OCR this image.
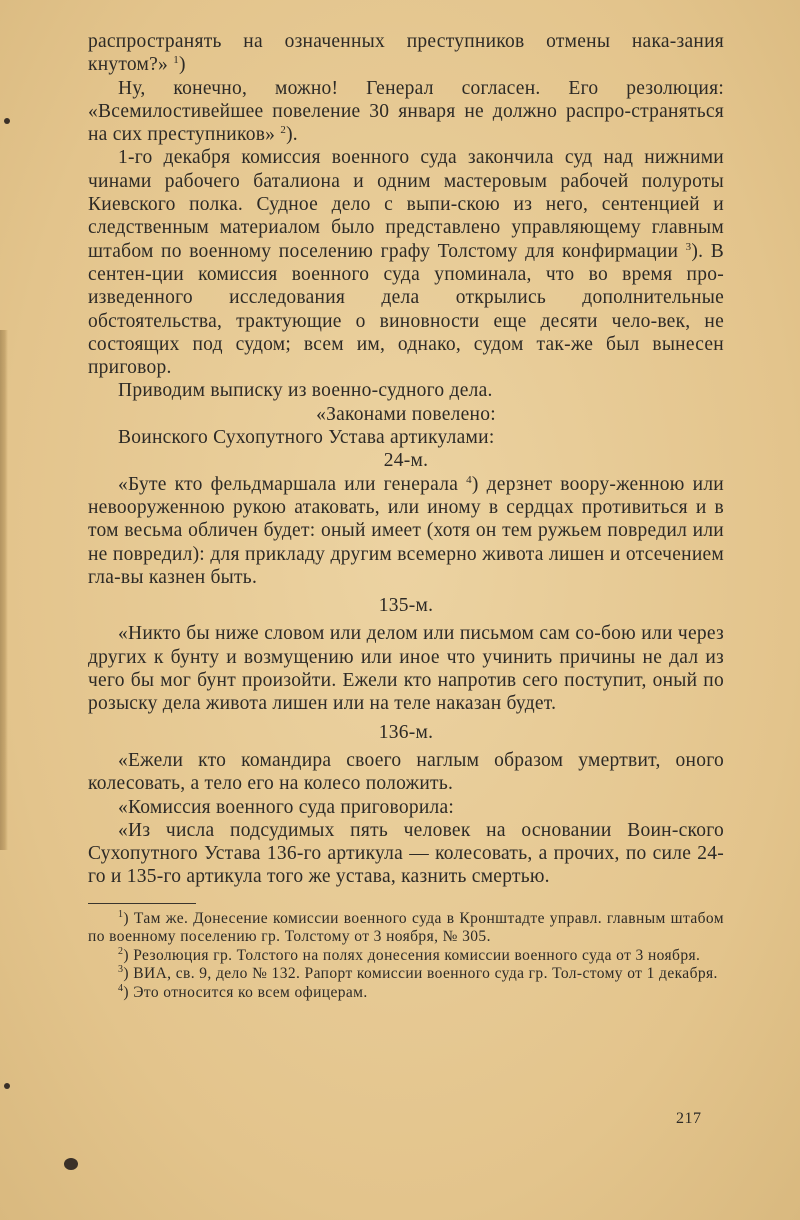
распространять на означенных преступников отмены нака-зания кнутом?» $^1$)

Ну, конечно, можно! Генерал согласен. Его резолюция: «Всемилостивейшее повеление 30 января не должно распро-страняться на сих преступников» $^2$).

1-го декабря комиссия военного суда закончила суд над нижними чинами рабочего баталиона и одним мастеровым рабочей полуроты Киевского полка. Судное дело с выпи-скою из него, сентенцией и следственным материалом было представлено управляющему главным штабом по военному поселению графу Толстому для конфирмации $^3$). В сентен-ции комиссия военного суда упоминала, что во время про-изведенного исследования дела открылись дополнительные обстоятельства, трактующие о виновности еще десяти чело-век, не состоящих под судом; всем им, однако, судом так-же был вынесен приговор.

Приводим выписку из военно-судного дела.

«Законами повелено:

Воинского Сухопутного Устава артикулами:

24-м.

«Буте кто фельдмаршала или генерала $^4$) дерзнет воору-женною или невооруженною рукою атаковать, или иному в сердцах противиться и в том весьма обличен будет: оный имеет (хотя он тем ружьем повредил или не повредил): для прикладу другим всемерно живота лишен и отсечением гла-вы казнен быть.

135-м.

«Никто бы ниже словом или делом или письмом сам со-бою или через других к бунту и возмущению или иное что учинить причины не дал из чего бы мог бунт произойти. Ежели кто напротив сего поступит, оный по розыску дела живота лишен или на теле наказан будет.

136-м.

«Ежели кто командира своего наглым образом умертвит, оного колесовать, а тело его на колесо положить.

«Комиссия военного суда приговорила:

«Из числа подсудимых пять человек на основании Воин-ского Сухопутного Устава 136-го артикула — колесовать, а прочих, по силе 24-го и 135-го артикула того же устава, казнить смертью.

$^1$) Там же. Донесение комиссии военного суда в Кронштадте управл. главным штабом по военному поселению гр. Толстому от 3 ноября, № 305.

$^2$) Резолюция гр. Толстого на полях донесения комиссии военного суда от 3 ноября.

$^3$) ВИА, св. 9, дело № 132. Рапорт комиссии военного суда гр. Тол-стому от 1 декабря.

$^4$) Это относится ко всем офицерам.

217
